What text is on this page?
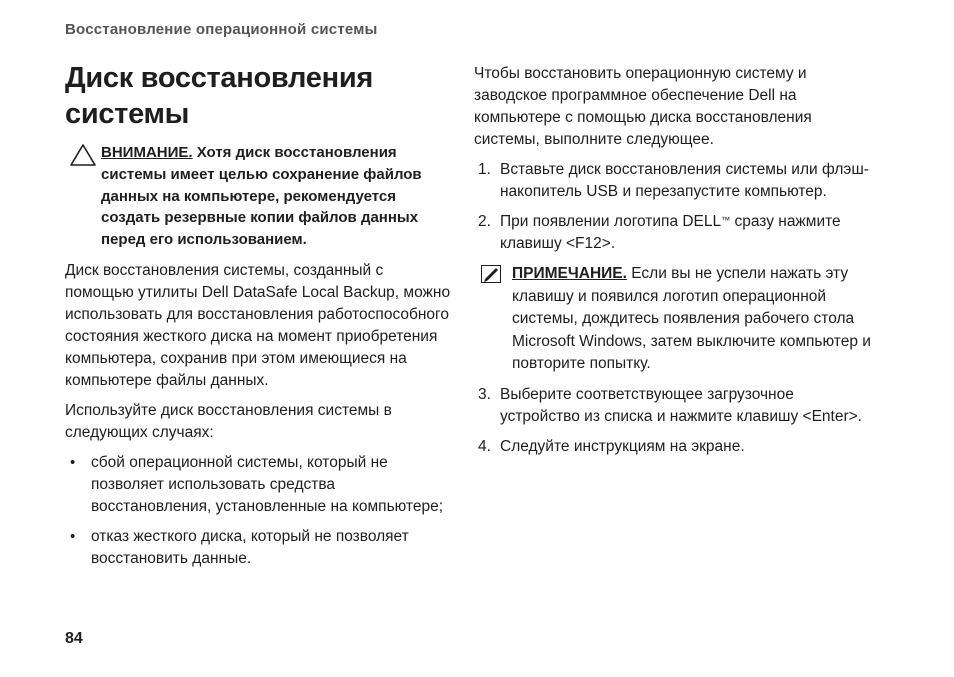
Восстановление операционной системы
Диск восстановления
системы

ВНИМАНИЕ. Хотя диск восстановления системы имеет целью сохранение файлов данных на компьютере, рекомендуется создать резервные копии файлов данных перед его использованием.

Диск восстановления системы, созданный с помощью утилиты Dell DataSafe Local Backup, можно использовать для восстановления работоспособного состояния жесткого диска на момент приобретения компьютера, сохранив при этом имеющиеся на компьютере файлы данных.

Используйте диск восстановления системы в следующих случаях:

• сбой операционной системы, который не позволяет использовать средства восстановления, установленные на компьютере;
• отказ жесткого диска, который не позволяет восстановить данные.

Чтобы восстановить операционную систему и заводское программное обеспечение Dell на компьютере с помощью диска восстановления системы, выполните следующее.

1. Вставьте диск восстановления системы или флэш-накопитель USB и перезапустите компьютер.
2. При появлении логотипа DELL™ сразу нажмите клавишу <F12>.

ПРИМЕЧАНИЕ. Если вы не успели нажать эту клавишу и появился логотип операционной системы, дождитесь появления рабочего стола Microsoft Windows, затем выключите компьютер и повторите попытку.

3. Выберите соответствующее загрузочное устройство из списка и нажмите клавишу <Enter>.
4. Следуйте инструкциям на экране.
84
